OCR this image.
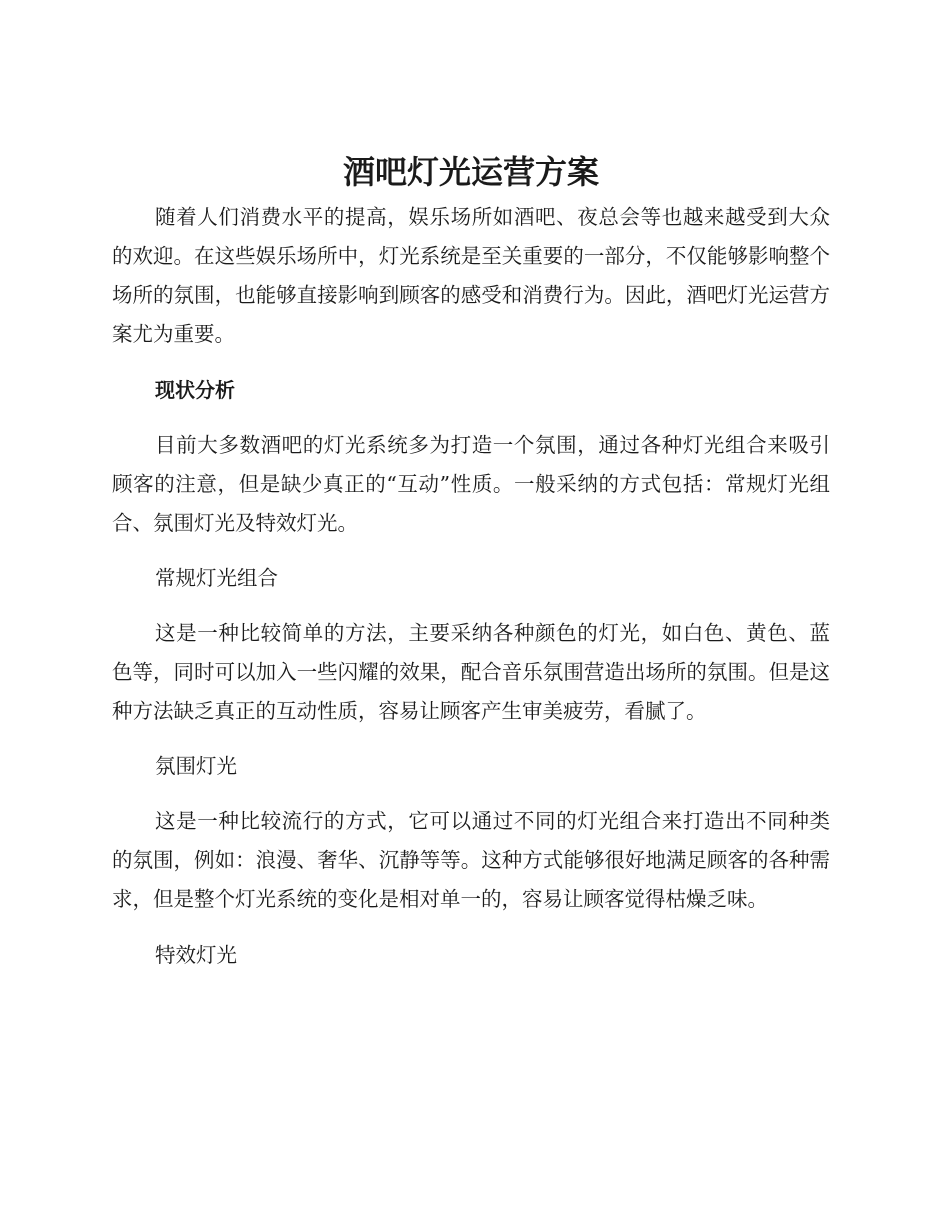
酒吧灯光运营方案

随着人们消费水平的提高，娱乐场所如酒吧、夜总会等也越来越受到大众的欢迎。在这些娱乐场所中，灯光系统是至关重要的一部分，不仅能够影响整个场所的氛围，也能够直接影响到顾客的感受和消费行为。因此，酒吧灯光运营方案尤为重要。

现状分析

目前大多数酒吧的灯光系统多为打造一个氛围，通过各种灯光组合来吸引顾客的注意，但是缺少真正的“互动”性质。一般采纳的方式包括：常规灯光组合、氛围灯光及特效灯光。

常规灯光组合

这是一种比较简单的方法，主要采纳各种颜色的灯光，如白色、黄色、蓝色等，同时可以加入一些闪耀的效果，配合音乐氛围营造出场所的氛围。但是这种方法缺乏真正的互动性质，容易让顾客产生审美疲劳，看腻了。

氛围灯光

这是一种比较流行的方式，它可以通过不同的灯光组合来打造出不同种类的氛围，例如：浪漫、奢华、沉静等等。这种方式能够很好地满足顾客的各种需求，但是整个灯光系统的变化是相对单一的，容易让顾客觉得枯燥乏味。

特效灯光
